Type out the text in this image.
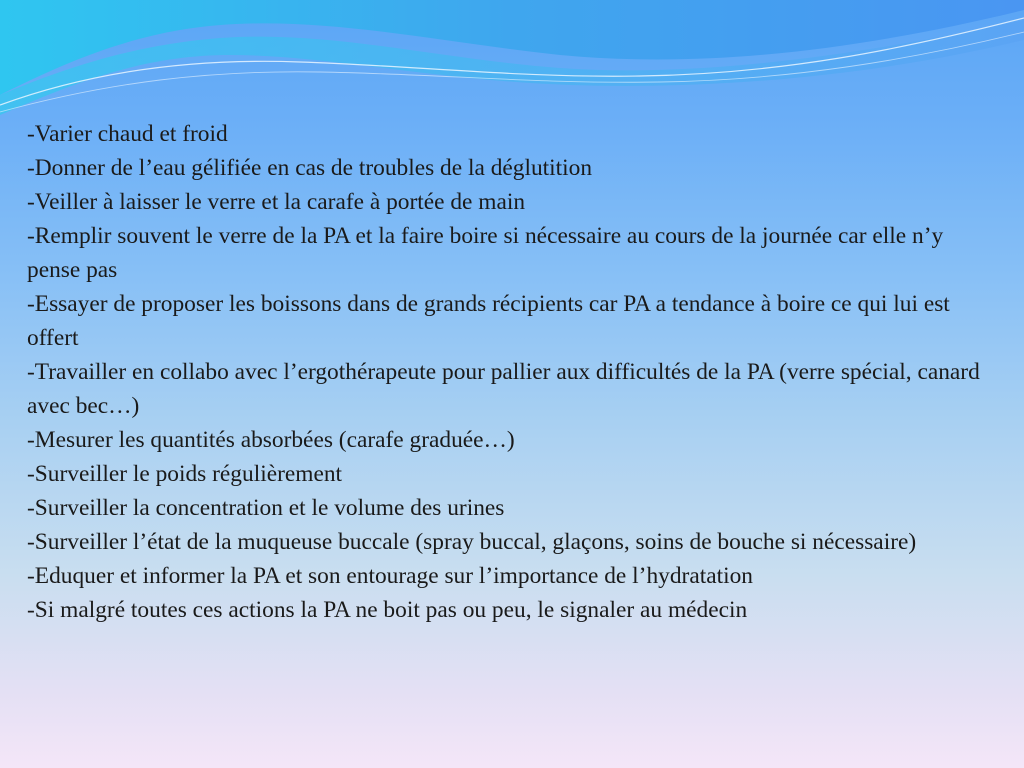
-Varier chaud et froid
-Donner de l’eau gélifiée en cas de troubles de la déglutition
-Veiller à laisser le verre et la carafe à portée de main
-Remplir souvent le verre de la PA et la faire boire si nécessaire au cours de la journée car elle n’y pense pas
-Essayer de proposer les boissons dans de grands récipients car PA a tendance à boire ce qui lui est offert
-Travailler en collabo avec l’ergothérapeute pour pallier aux difficultés de la PA (verre spécial, canard avec bec…)
-Mesurer les quantités absorbées (carafe graduée…)
-Surveiller le poids régulièrement
-Surveiller la concentration et le volume des urines
-Surveiller l’état de la muqueuse buccale (spray buccal, glaçons, soins de bouche si nécessaire)
-Eduquer et informer la PA et son entourage sur l’importance de l’hydratation
-Si malgré toutes ces actions la PA ne boit pas ou peu, le signaler au médecin
